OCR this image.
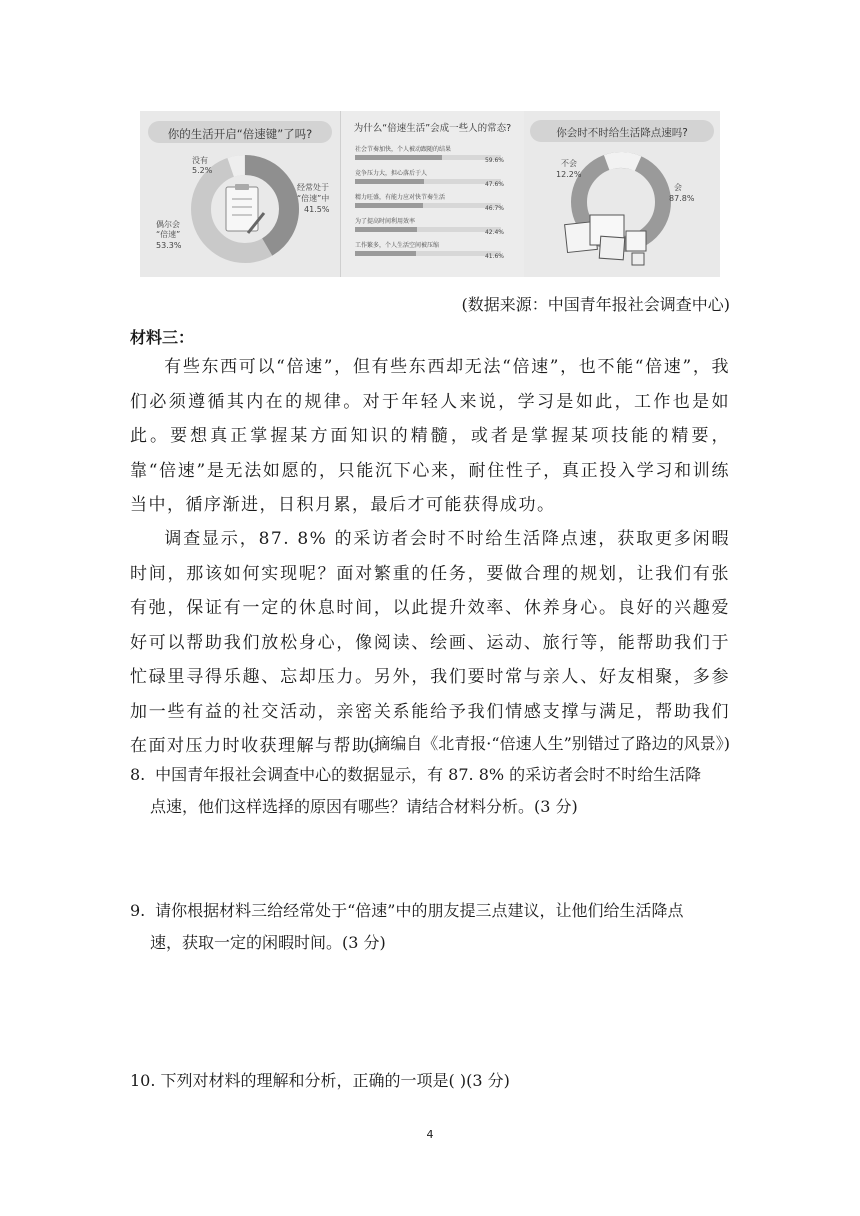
你的生活开启“倍速键”了吗?
没有
5.2%
经常处于
“倍速”中
41.5%
偶尔会
“倍速”
53.3%
为什么“倍速生活”会成一些人的常态?
社会节奏加快，个人被动跟随的结果
59.6%
竞争压力大，担心落后于人
47.6%
精力旺盛，有能力应对快节奏生活
46.7%
为了提高时间利用效率
42.4%
工作繁多，个人生活空间被压缩
41.6%
你会时不时给生活降点速吗?
不会
12.2%
会
87.8%
(数据来源：中国青年报社会调查中心)
材料三：
有些东西可以“倍速”，但有些东西却无法“倍速”，也不能“倍速”，我们必须遵循其内在的规律。对于年轻人来说，学习是如此，工作也是如此。要想真正掌握某方面知识的精髓，或者是掌握某项技能的精要，靠“倍速”是无法如愿的，只能沉下心来，耐住性子，真正投入学习和训练当中，循序渐进，日积月累，最后才可能获得成功。
调查显示，87. 8% 的采访者会时不时给生活降点速，获取更多闲暇时间，那该如何实现呢？面对繁重的任务，要做合理的规划，让我们有张有弛，保证有一定的休息时间，以此提升效率、休养身心。良好的兴趣爱好可以帮助我们放松身心，像阅读、绘画、运动、旅行等，能帮助我们于忙碌里寻得乐趣、忘却压力。另外，我们要时常与亲人、好友相聚，多参加一些有益的社交活动，亲密关系能给予我们情感支撑与满足，帮助我们在面对压力时收获理解与帮助。
(摘编自《北青报·“倍速人生”别错过了路边的风景》)
8. 中国青年报社会调查中心的数据显示，有 87. 8% 的采访者会时不时给生活降
点速，他们这样选择的原因有哪些？请结合材料分析。(3 分)
9. 请你根据材料三给经常处于“倍速”中的朋友提三点建议，让他们给生活降点
速，获取一定的闲暇时间。(3 分)
10. 下列对材料的理解和分析，正确的一项是( )(3 分)
4
